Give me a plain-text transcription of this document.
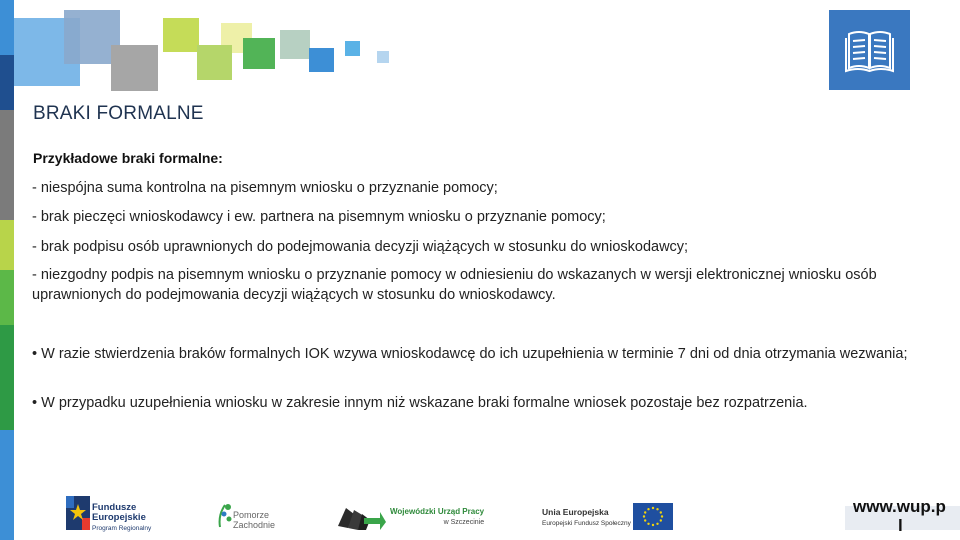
BRAKI FORMALNE
Przykładowe braki formalne:
- niespójna suma kontrolna na pisemnym wniosku o przyznanie pomocy;
- brak pieczęci wnioskodawcy i ew. partnera na pisemnym wniosku o przyznanie pomocy;
- brak podpisu osób uprawnionych do podejmowania decyzji wiążących w stosunku do wnioskodawcy;
- niezgodny podpis na pisemnym wniosku o przyznanie pomocy w odniesieniu do wskazanych w wersji elektronicznej wniosku osób uprawnionych do podejmowania decyzji wiążących w stosunku do wnioskodawcy.
• W razie stwierdzenia braków formalnych IOK wzywa wnioskodawcę do ich uzupełnienia w terminie 7 dni od dnia otrzymania wezwania;
• W przypadku uzupełnienia wniosku w zakresie innym niż wskazane braki formalne wniosek pozostaje bez rozpatrzenia.
Fundusze
Europejskie
Program Regionalny
Pomorze
Zachodnie
Wojewódzki Urząd Pracy
w Szczecinie
Unia Europejska
Europejski Fundusz Społeczny
www.wup.p
l
